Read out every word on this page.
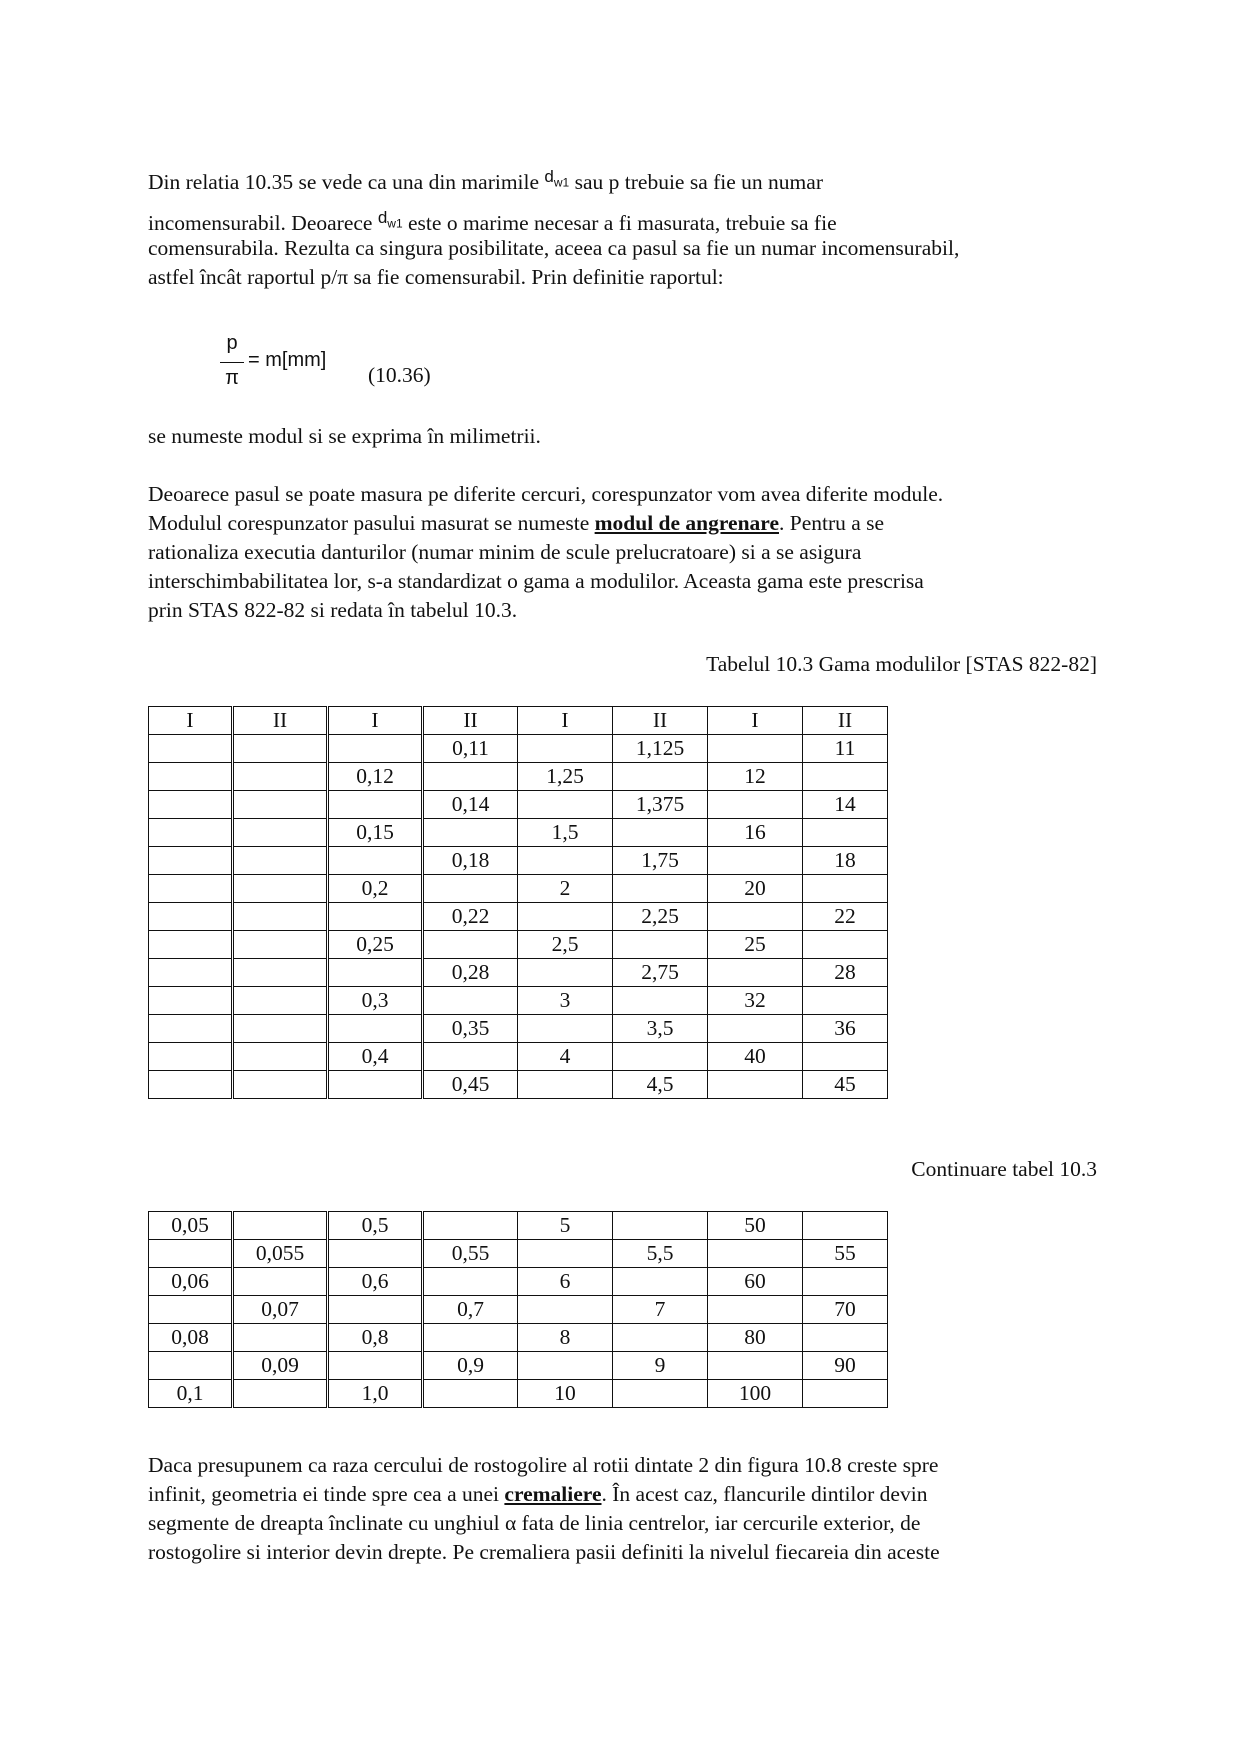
Din relatia 10.35 se vede ca una din marimile $^{d_{w1}}$ sau p trebuie sa fie un numar

incomensurabil. Deoarece $^{d_{w1}}$ este o marime necesar a fi masurata, trebuie sa fie

comensurabila. Rezulta ca singura posibilitate, aceea ca pasul sa fie un numar incomensurabil,

astfel încât raportul p/π sa fie comensurabil. Prin definitie raportul:

p
π
= m[mm]
(10.36)

se numeste modul si se exprima în milimetrii.

Deoarece pasul se poate masura pe diferite cercuri, corespunzator vom avea diferite module.

Modulul corespunzator pasului masurat se numeste modul de angrenare. Pentru a se

rationaliza executia danturilor (numar minim de scule prelucratoare) si a se asigura

interschimbabilitatea lor, s-a standardizat o gama a modulilor. Aceasta gama este prescrisa

prin STAS 822-82 si redata în tabelul 10.3.

Tabelul 10.3 Gama modulilor [STAS 822-82]
I	II	I	II	I	II	I	II
			0,11		1,125		11
		0,12		1,25		12	
			0,14		1,375		14
		0,15		1,5		16	
			0,18		1,75		18
		0,2		2		20	
			0,22		2,25		22
		0,25		2,5		25	
			0,28		2,75		28
		0,3		3		32	
			0,35		3,5		36
		0,4		4		40	
			0,45		4,5		45
Continuare tabel 10.3
0,05		0,5		5		50	
	0,055		0,55		5,5		55
0,06		0,6		6		60	
	0,07		0,7		7		70
0,08		0,8		8		80	
	0,09		0,9		9		90
0,1		1,0		10		100	

Daca presupunem ca raza cercului de rostogolire al rotii dintate 2 din figura 10.8 creste spre

infinit, geometria ei tinde spre cea a unei cremaliere. În acest caz, flancurile dintilor devin

segmente de dreapta înclinate cu unghiul α fata de linia centrelor, iar cercurile exterior, de

rostogolire si interior devin drepte. Pe cremaliera pasii definiti la nivelul fiecareia din aceste
